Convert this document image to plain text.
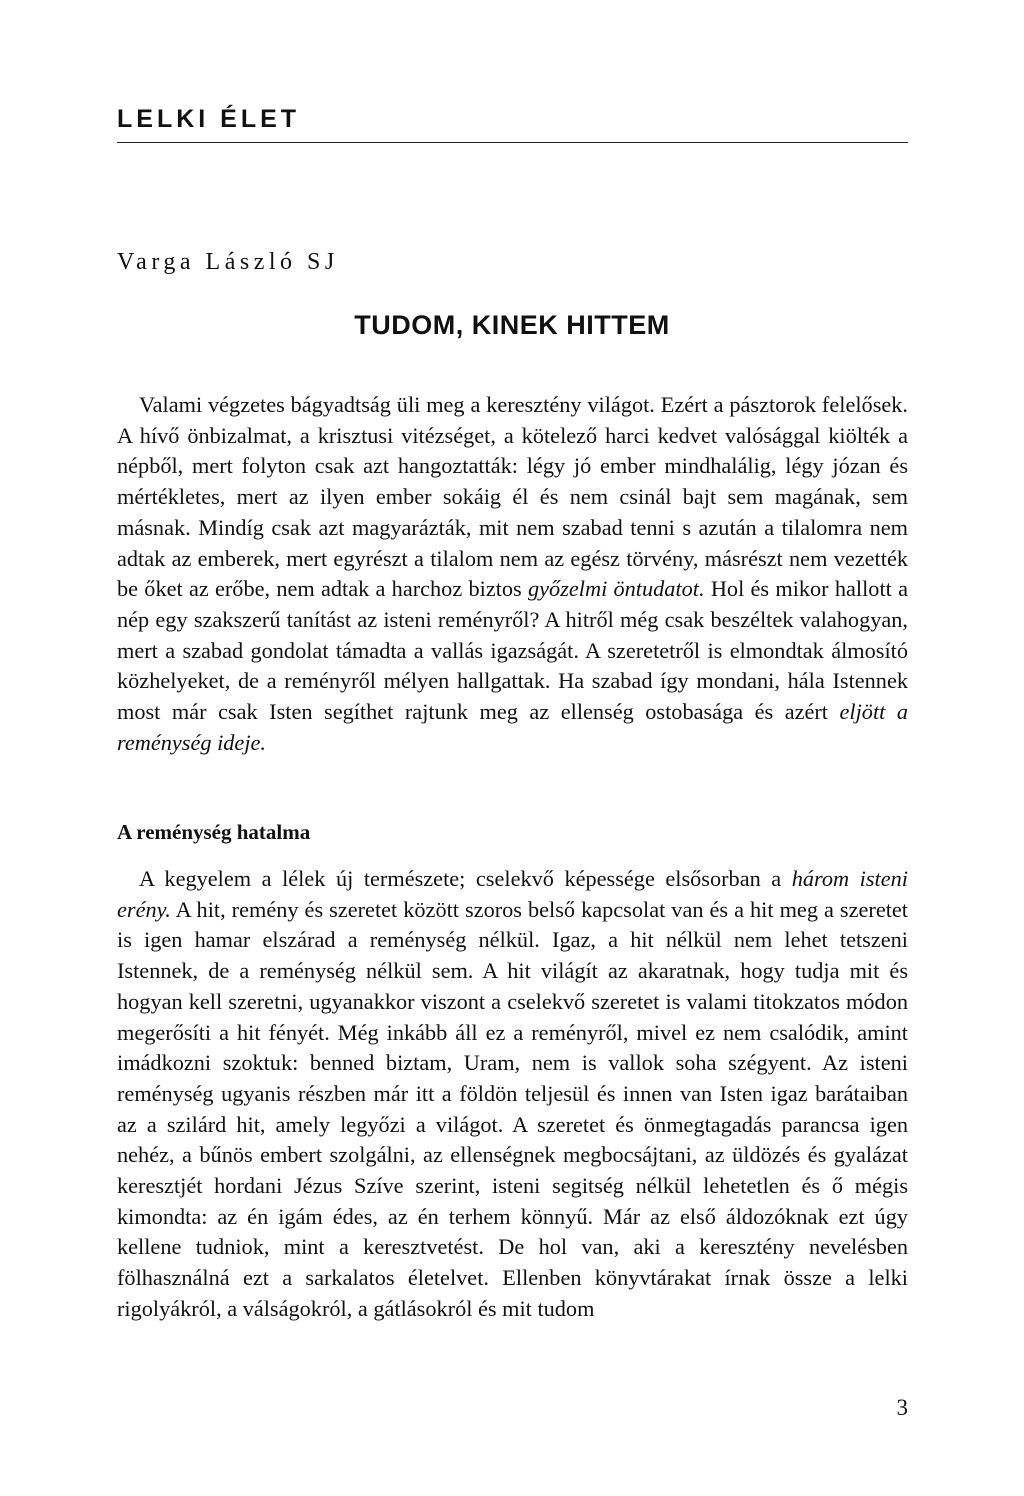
LELKI ÉLET

Varga László SJ

TUDOM, KINEK HITTEM

Valami végzetes bágyadtság üli meg a keresztény világot. Ezért a pásztorok felelősek. A hívő önbizalmat, a krisztusi vitézséget, a kötelező harci kedvet valósággal kiölték a népből, mert folyton csak azt hangoztatták: légy jó ember mindhalálig, légy józan és mértékletes, mert az ilyen ember sokáig él és nem csinál bajt sem magának, sem másnak. Mindíg csak azt magyarázták, mit nem szabad tenni s azután a tilalomra nem adtak az emberek, mert egyrészt a tilalom nem az egész törvény, másrészt nem vezették be őket az erőbe, nem adtak a harchoz biztos győzelmi öntudatot. Hol és mikor hallott a nép egy szakszerű tanítást az isteni reményről? A hitről még csak beszéltek valahogyan, mert a szabad gondolat támadta a vallás igazságát. A szeretetről is elmondtak álmosító közhelyeket, de a reményről mélyen hallgattak. Ha szabad így mondani, hála Istennek most már csak Isten segíthet rajtunk meg az ellenség ostobasága és azért eljött a reménység ideje.

A reménység hatalma

A kegyelem a lélek új természete; cselekvő képessége elsősorban a három isteni erény. A hit, remény és szeretet között szoros belső kapcsolat van és a hit meg a szeretet is igen hamar elszárad a reménység nélkül. Igaz, a hit nélkül nem lehet tetszeni Istennek, de a reménység nélkül sem. A hit világít az akaratnak, hogy tudja mit és hogyan kell szeretni, ugyanakkor viszont a cselekvő szeretet is valami titokzatos módon megerősíti a hit fényét. Még inkább áll ez a reményről, mivel ez nem csalódik, amint imádkozni szoktuk: benned biztam, Uram, nem is vallok soha szégyent. Az isteni reménység ugyanis részben már itt a földön teljesül és innen van Isten igaz barátaiban az a szilárd hit, amely legyőzi a világot. A szeretet és önmegtagadás parancsa igen nehéz, a bűnös embert szolgálni, az ellenségnek megbocsájtani, az üldözés és gyalázat keresztjét hordani Jézus Szíve szerint, isteni segitség nélkül lehetetlen és ő mégis kimondta: az én igám édes, az én terhem könnyű. Már az első áldozóknak ezt úgy kellene tudniok, mint a keresztvetést. De hol van, aki a keresztény nevelésben fölhasználná ezt a sarkalatos életelvet. Ellenben könyvtárakat írnak össze a lelki rigolyákról, a válságokról, a gátlásokról és mit tudom

3
